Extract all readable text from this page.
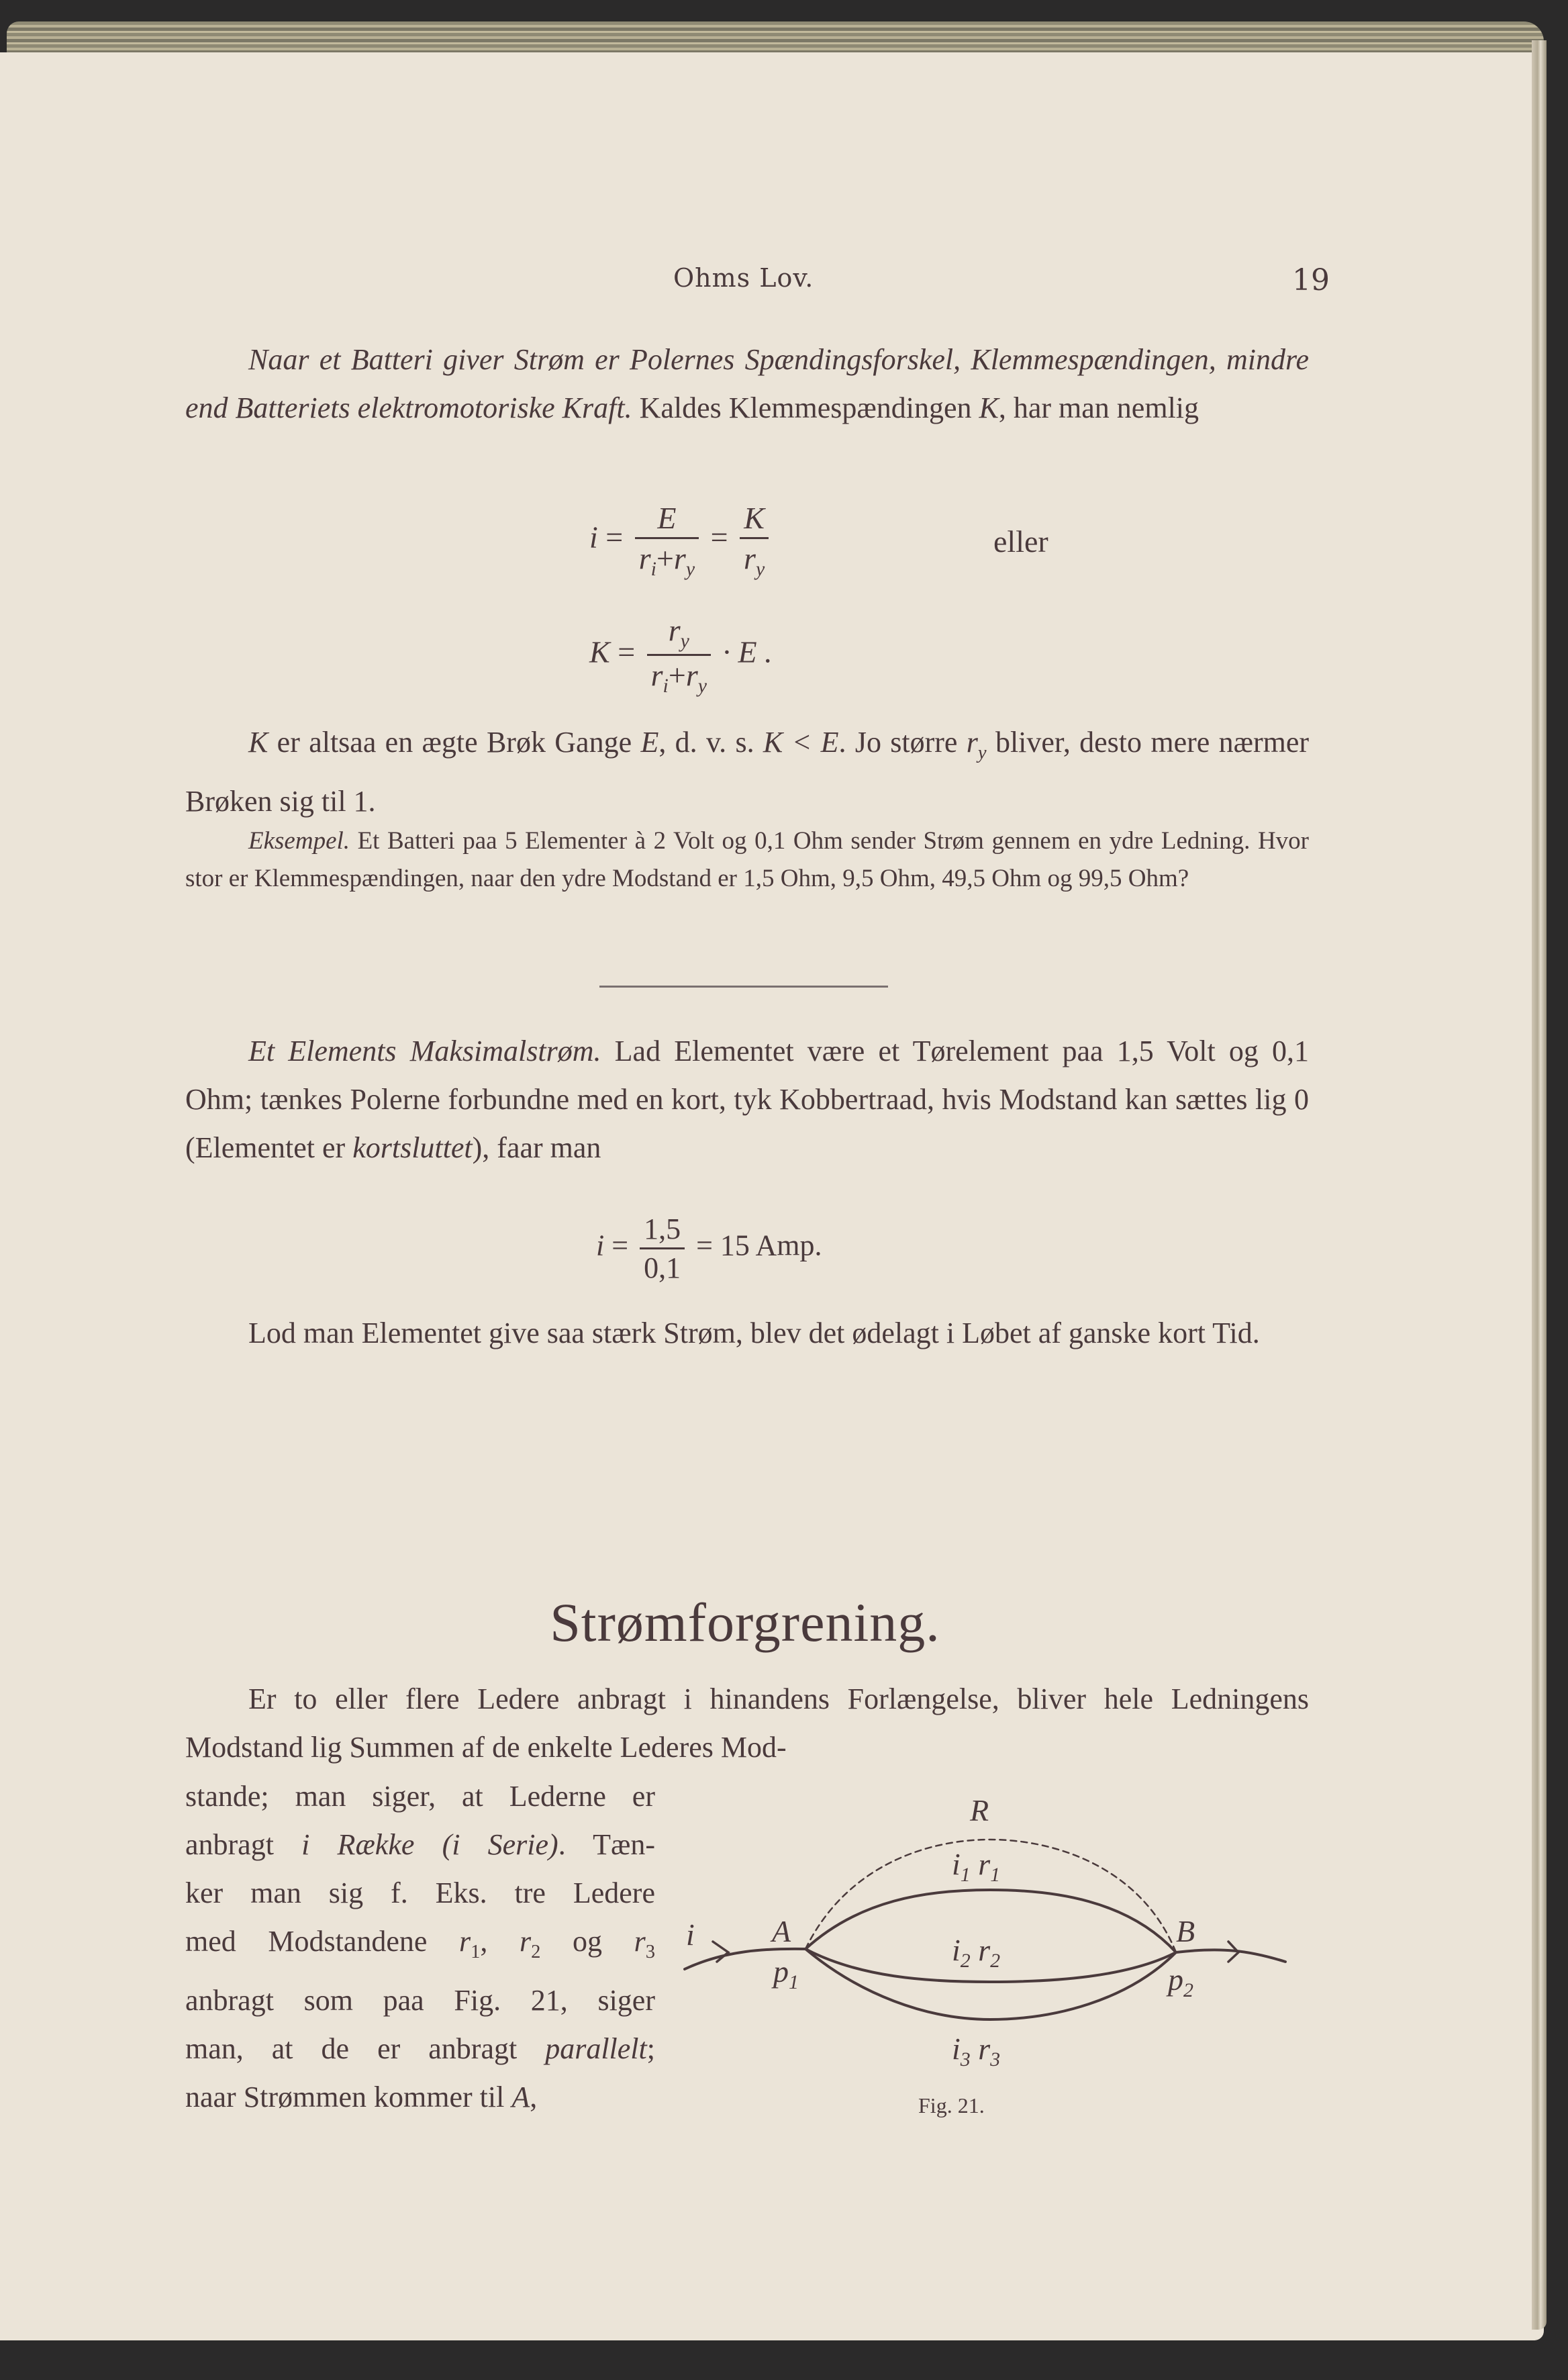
Ohms Lov.	19
Naar et Batteri giver Strøm er Polernes Spændingsforskel, Klemmespændingen, mindre end Batteriets elektromotoriske Kraft. Kaldes Klemmespændingen K, har man nemlig
$i = \frac{E}{r_i+r_y} = \frac{K}{r_y}$	eller
$K = \frac{r_y}{r_i+r_y} \cdot E$ .
K er altsaa en ægte Brøk Gange E, d. v. s. K < E. Jo større $r_y$ bliver, desto mere nærmer Brøken sig til 1.
Eksempel. Et Batteri paa 5 Elementer à 2 Volt og 0,1 Ohm sender Strøm gennem en ydre Ledning. Hvor stor er Klemmespændingen, naar den ydre Modstand er 1,5 Ohm, 9,5 Ohm, 49,5 Ohm og 99,5 Ohm?
Et Elements Maksimalstrøm. Lad Elementet være et Tørelement paa 1,5 Volt og 0,1 Ohm; tænkes Polerne forbundne med en kort, tyk Kobbertraad, hvis Modstand kan sættes lig 0 (Elementet er kortsluttet), faar man
$i = \frac{1,5}{0,1} = 15$ Amp.
Lod man Elementet give saa stærk Strøm, blev det ødelagt i Løbet af ganske kort Tid.
Strømforgrening.
Er to eller flere Ledere anbragt i hinandens Forlængelse, bliver hele Ledningens Modstand lig Summen af de enkelte Lederes Mod-
stande; man siger, at Lederne er
anbragt i Række (i Serie). Tæn-
ker man sig f. Eks. tre Ledere
med Modstandene $r_1$, $r_2$ og $r_3$
anbragt som paa Fig. 21, siger
man, at de er anbragt parallelt;
naar Strømmen kommer til A,
R
i	A	B
$p_1$	$p_2$
$i_1$ $r_1$
$i_2$ $r_2$
$i_3$ $r_3$
Fig. 21.
